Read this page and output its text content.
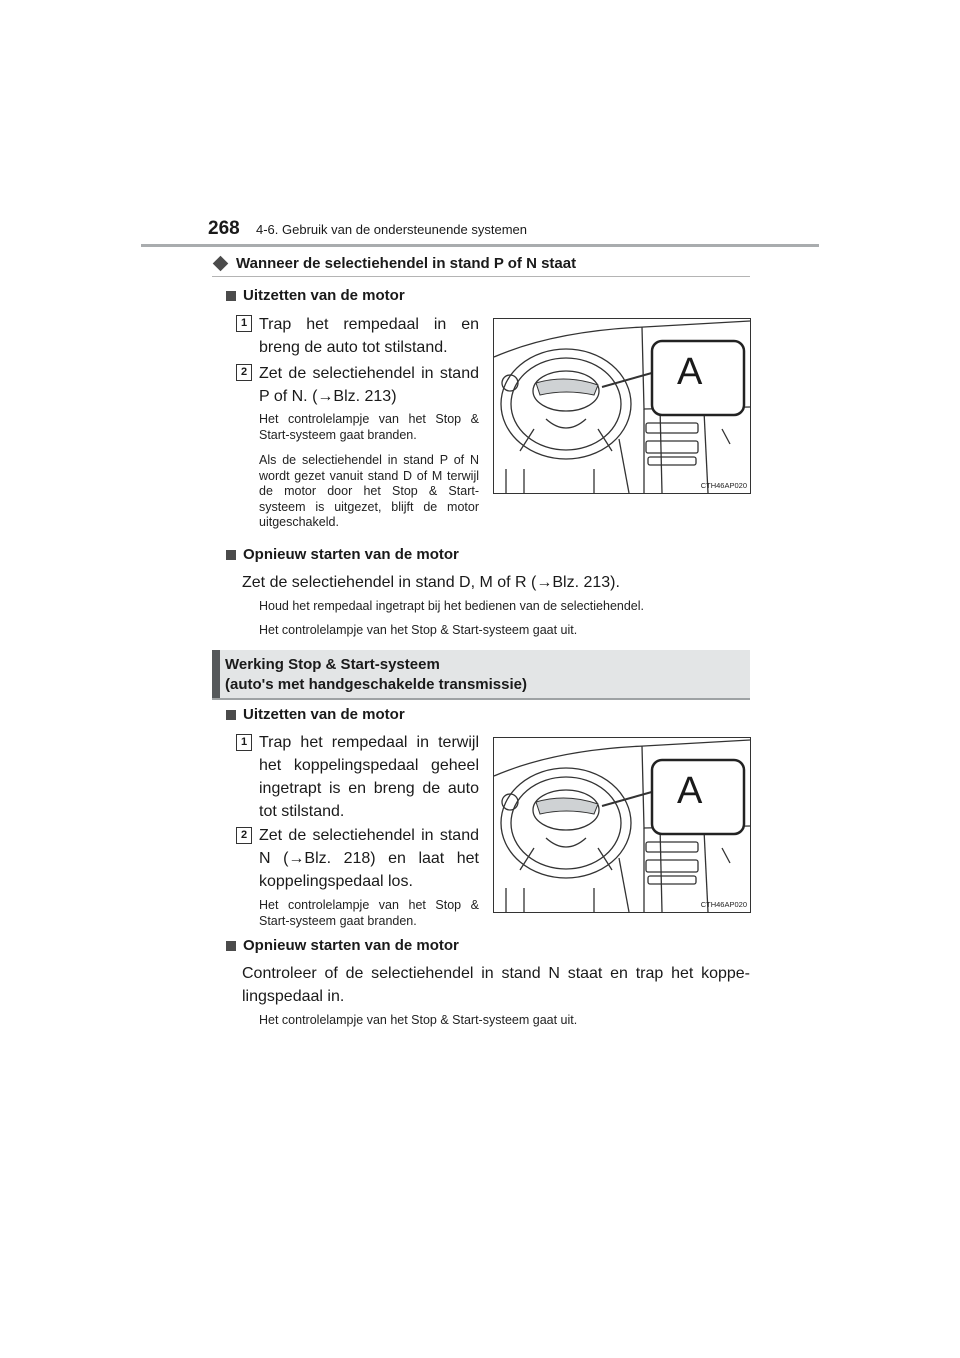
268 4-6. Gebruik van de ondersteunende systemen
Wanneer de selectiehendel in stand P of N staat
Uitzetten van de motor
1 Trap het rempedaal in en breng de auto tot stilstand.
2 Zet de selectiehendel in stand P of N. (→Blz. 213)
Het controlelampje van het Stop & Start-systeem gaat branden.
Als de selectiehendel in stand P of N wordt gezet vanuit stand D of M terwijl de motor door het Stop & Start-systeem is uitgezet, blijft de motor uitgeschakeld.
A
CTH46AP020
Opnieuw starten van de motor
Zet de selectiehendel in stand D, M of R (→Blz. 213).
Houd het rempedaal ingetrapt bij het bedienen van de selectiehendel.
Het controlelampje van het Stop & Start-systeem gaat uit.
Werking Stop & Start-systeem
(auto's met handgeschakelde transmissie)
Uitzetten van de motor
1 Trap het rempedaal in terwijl het koppelingspedaal geheel ingetrapt is en breng de auto tot stilstand.
2 Zet de selectiehendel in stand N (→Blz. 218) en laat het koppelingspedaal los.
Het controlelampje van het Stop & Start-systeem gaat branden.
A
CTH46AP020
Opnieuw starten van de motor
Controleer of de selectiehendel in stand N staat en trap het koppe-lingspedaal in.
Het controlelampje van het Stop & Start-systeem gaat uit.
